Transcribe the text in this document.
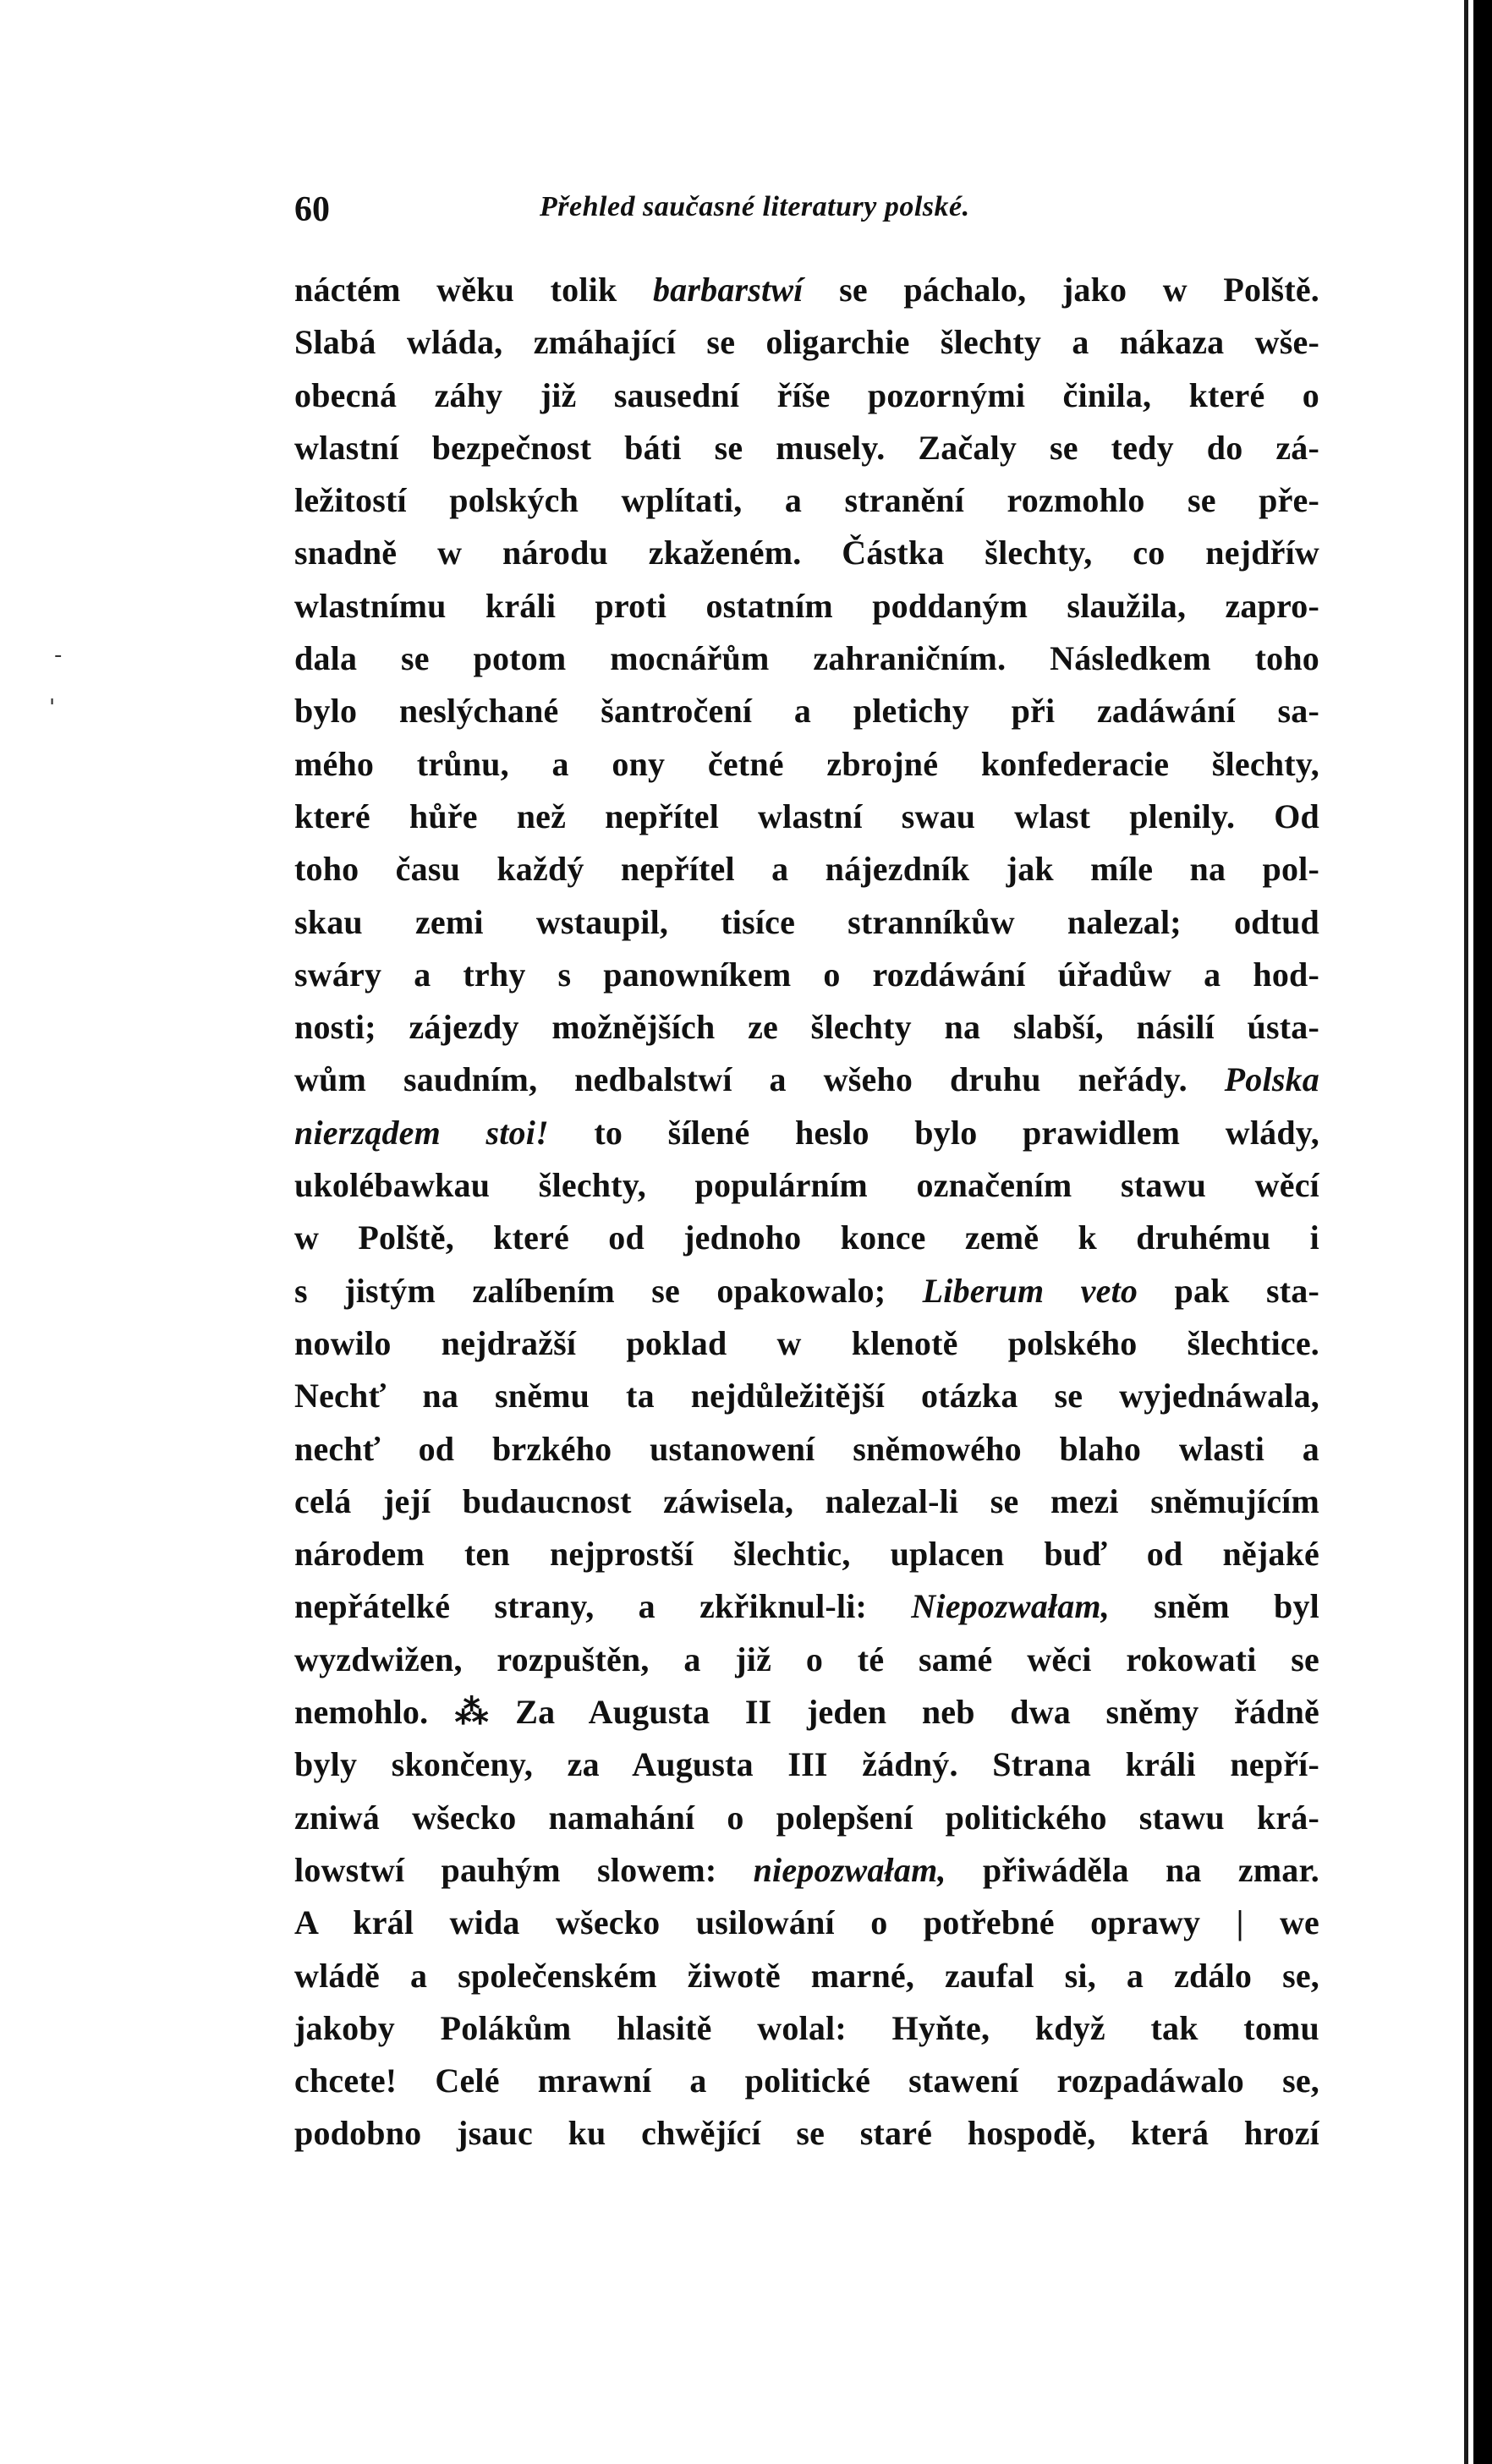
60	Přehled saučasné literatury polské.
-
'
náctém wěku tolik barbarstwí se páchalo, jako w Polště.
Slabá wláda, zmáhající se oligarchie šlechty a nákaza wše-
obecná záhy již sausední říše pozornými činila, které o
wlastní bezpečnost báti se musely. Začaly se tedy do zá-
ležitostí polských wplítati, a stranění rozmohlo se pře-
snadně w národu zkaženém. Částka šlechty, co nejdříw
wlastnímu králi proti ostatním poddaným slaužila, zapro-
dala se potom mocnářům zahraničním. Následkem toho
bylo neslýchané šantročení a pletichy při zadáwání sa-
mého trůnu, a ony četné zbrojné konfederacie šlechty,
které hůře než nepřítel wlastní swau wlast plenily. Od
toho času každý nepřítel a nájezdník jak míle na pol-
skau zemi wstaupil, tisíce stranníkůw nalezal; odtud
swáry a trhy s panowníkem o rozdáwání úřadůw a hod-
nosti; zájezdy možnějších ze šlechty na slabší, násilí ústa-
wům saudním, nedbalstwí a wšeho druhu neřády. Polska
nierządem stoi! to šílené heslo bylo prawidlem wlády,
ukolébawkau šlechty, populárním označením stawu wěcí
w Polště, které od jednoho konce země k druhému i
s jistým zalíbením se opakowalo; Liberum veto pak sta-
nowilo nejdražší poklad w klenotě polského šlechtice.
Nechť na sněmu ta nejdůležitější otázka se wyjednáwala,
nechť od brzkého ustanowení sněmowého blaho wlasti a
celá její budaucnost záwisela, nalezal-li se mezi sněmujícím
národem ten nejprostší šlechtic, uplacen buď od nějaké
nepřátelké strany, a zkřiknul-li: Niepozwałam, sněm byl
wyzdwižen, rozpuštěn, a již o té samé wěci rokowati se
nemohlo.⁂Za Augusta II jeden neb dwa sněmy řádně
byly skončeny, za Augusta III žádný. Strana králi nepří-
zniwá wšecko namahání o polepšení politického stawu krá-
lowstwí pauhým slowem: niepozwałam, přiwáděla na zmar.
A král wida wšecko usilowání o potřebné oprawy | we
wládě a společenském žiwotě marné, zaufal si, a zdálo se,
jakoby Polákům hlasitě wolal: Hyňte, když tak tomu
chcete! Celé mrawní a politické stawení rozpadáwalo se,
podobno jsauc ku chwějící se staré hospodě, která hrozí
